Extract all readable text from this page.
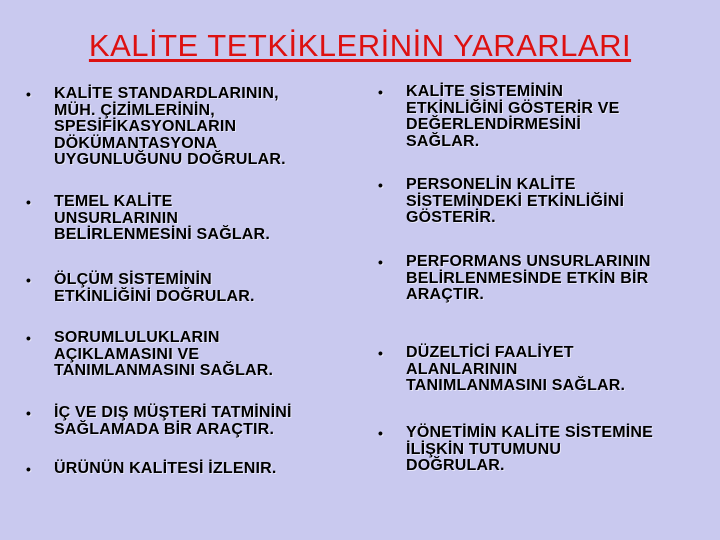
KALİTE TETKİKLERİNİN YARARLARI
•	KALİTE STANDARDLARININ,
MÜH. ÇİZİMLERİNİN,
SPESİFİKASYONLARIN
DÖKÜMANTASYONA
UYGUNLUĞUNU DOĞRULAR.
•	TEMEL KALİTE
UNSURLARININ
BELİRLENMESİNİ SAĞLAR.
•	ÖLÇÜM SİSTEMİNİN
ETKİNLİĞİNİ DOĞRULAR.
•	SORUMLULUKLARIN
AÇIKLAMASINI VE
TANIMLANMASINI SAĞLAR.
•	İÇ VE DIŞ MÜŞTERİ TATMİNİNİ
SAĞLAMADA BİR ARAÇTIR.
•	ÜRÜNÜN KALİTESİ İZLENIR.
•	KALİTE SİSTEMİNİN
ETKİNLİĞİNİ GÖSTERİR VE
DEĞERLENDİRMESİNİ
SAĞLAR.
•	PERSONELİN KALİTE
SİSTEMİNDEKİ ETKİNLİĞİNİ
GÖSTERİR.
•	PERFORMANS UNSURLARININ
BELİRLENMESİNDE ETKİN BİR
ARAÇTIR.
•	DÜZELTİCİ FAALİYET
ALANLARININ
TANIMLANMASINI SAĞLAR.
•	YÖNETİMİN KALİTE SİSTEMİNE
İLİŞKİN TUTUMUNU
DOĞRULAR.
